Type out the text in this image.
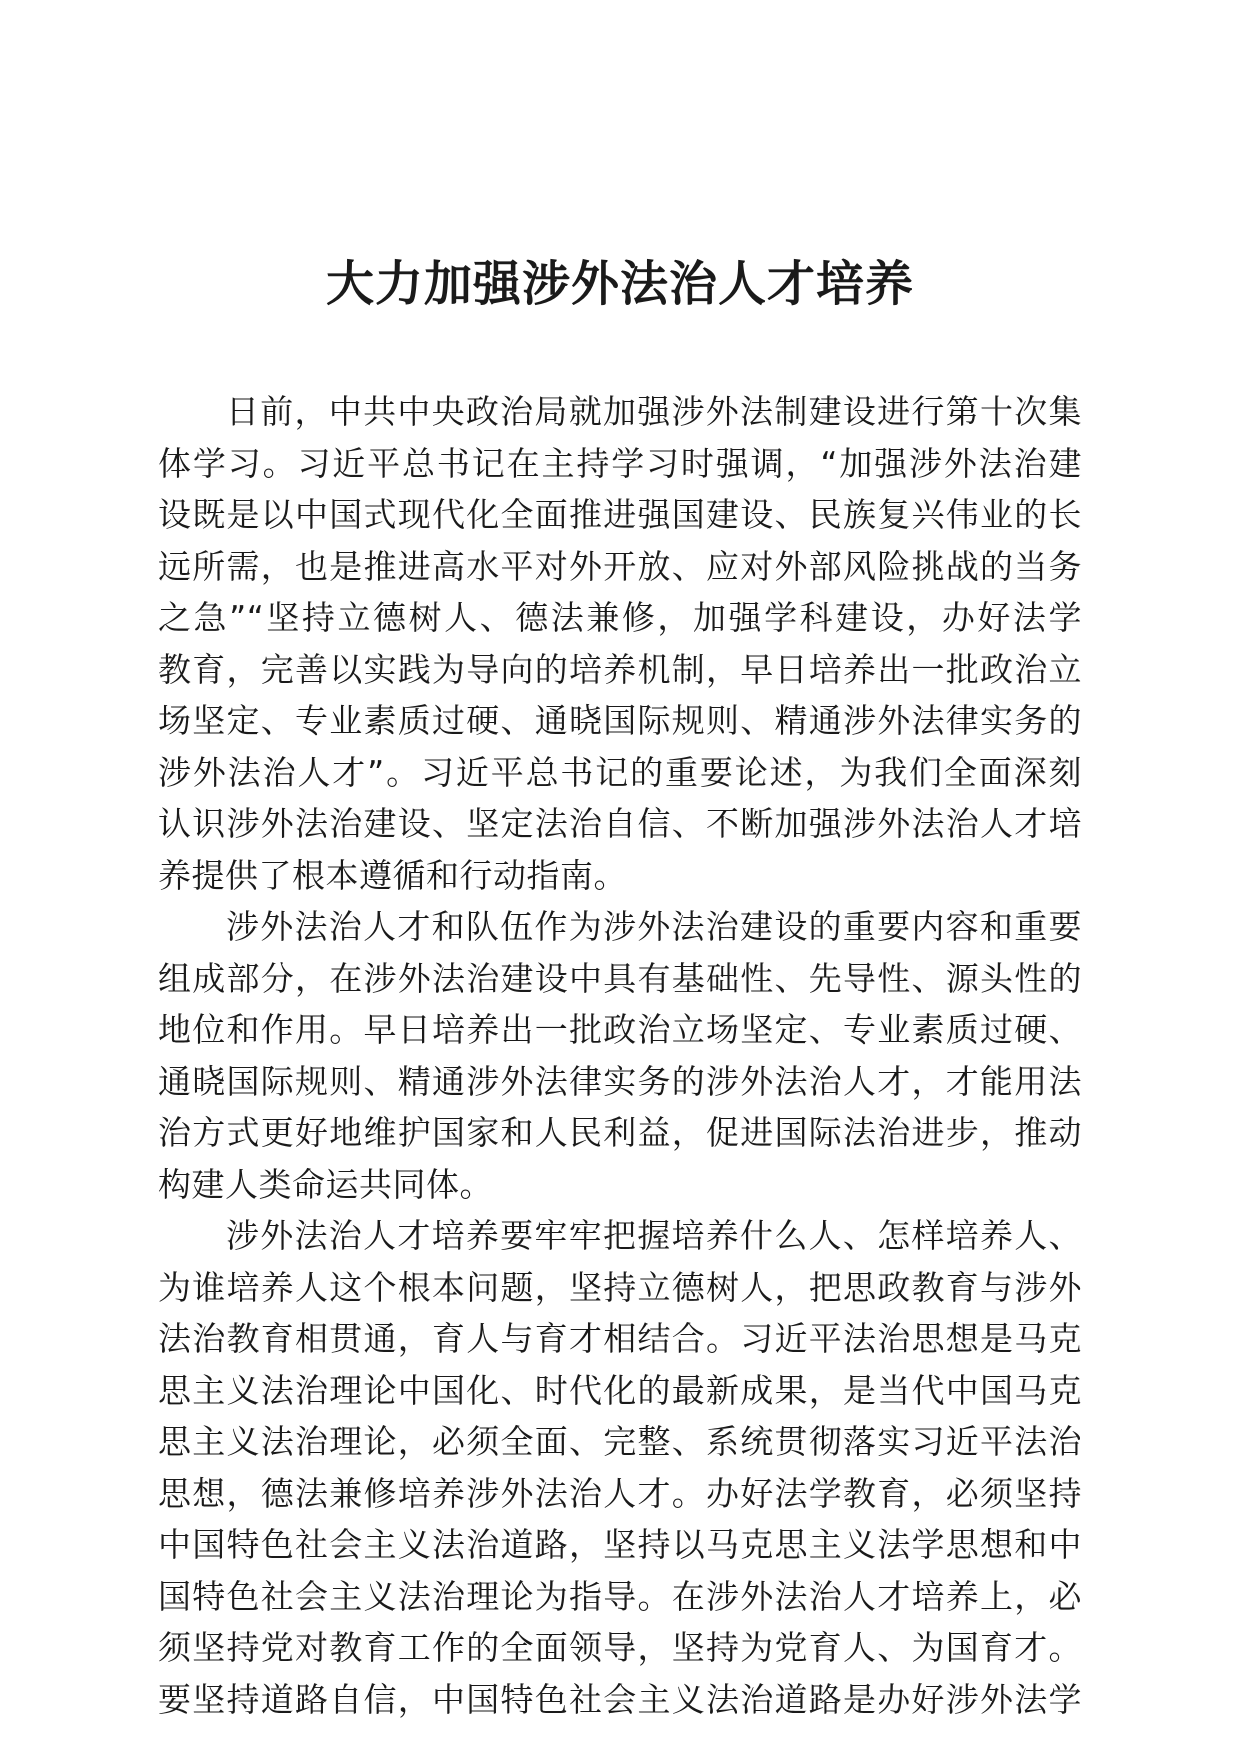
大力加强涉外法治人才培养
日前，中共中央政治局就加强涉外法制建设进行第十次集
体学习。习近平总书记在主持学习时强调，“加强涉外法治建
设既是以中国式现代化全面推进强国建设、民族复兴伟业的长
远所需，也是推进高水平对外开放、应对外部风险挑战的当务
之急”“坚持立德树人、德法兼修，加强学科建设，办好法学
教育，完善以实践为导向的培养机制，早日培养出一批政治立
场坚定、专业素质过硬、通晓国际规则、精通涉外法律实务的
涉外法治人才”。习近平总书记的重要论述，为我们全面深刻
认识涉外法治建设、坚定法治自信、不断加强涉外法治人才培
养提供了根本遵循和行动指南。
涉外法治人才和队伍作为涉外法治建设的重要内容和重要
组成部分，在涉外法治建设中具有基础性、先导性、源头性的
地位和作用。早日培养出一批政治立场坚定、专业素质过硬、
通晓国际规则、精通涉外法律实务的涉外法治人才，才能用法
治方式更好地维护国家和人民利益，促进国际法治进步，推动
构建人类命运共同体。
涉外法治人才培养要牢牢把握培养什么人、怎样培养人、
为谁培养人这个根本问题，坚持立德树人，把思政教育与涉外
法治教育相贯通，育人与育才相结合。习近平法治思想是马克
思主义法治理论中国化、时代化的最新成果，是当代中国马克
思主义法治理论，必须全面、完整、系统贯彻落实习近平法治
思想，德法兼修培养涉外法治人才。办好法学教育，必须坚持
中国特色社会主义法治道路，坚持以马克思主义法学思想和中
国特色社会主义法治理论为指导。在涉外法治人才培养上，必
须坚持党对教育工作的全面领导，坚持为党育人、为国育才。
要坚持道路自信，中国特色社会主义法治道路是办好涉外法学
